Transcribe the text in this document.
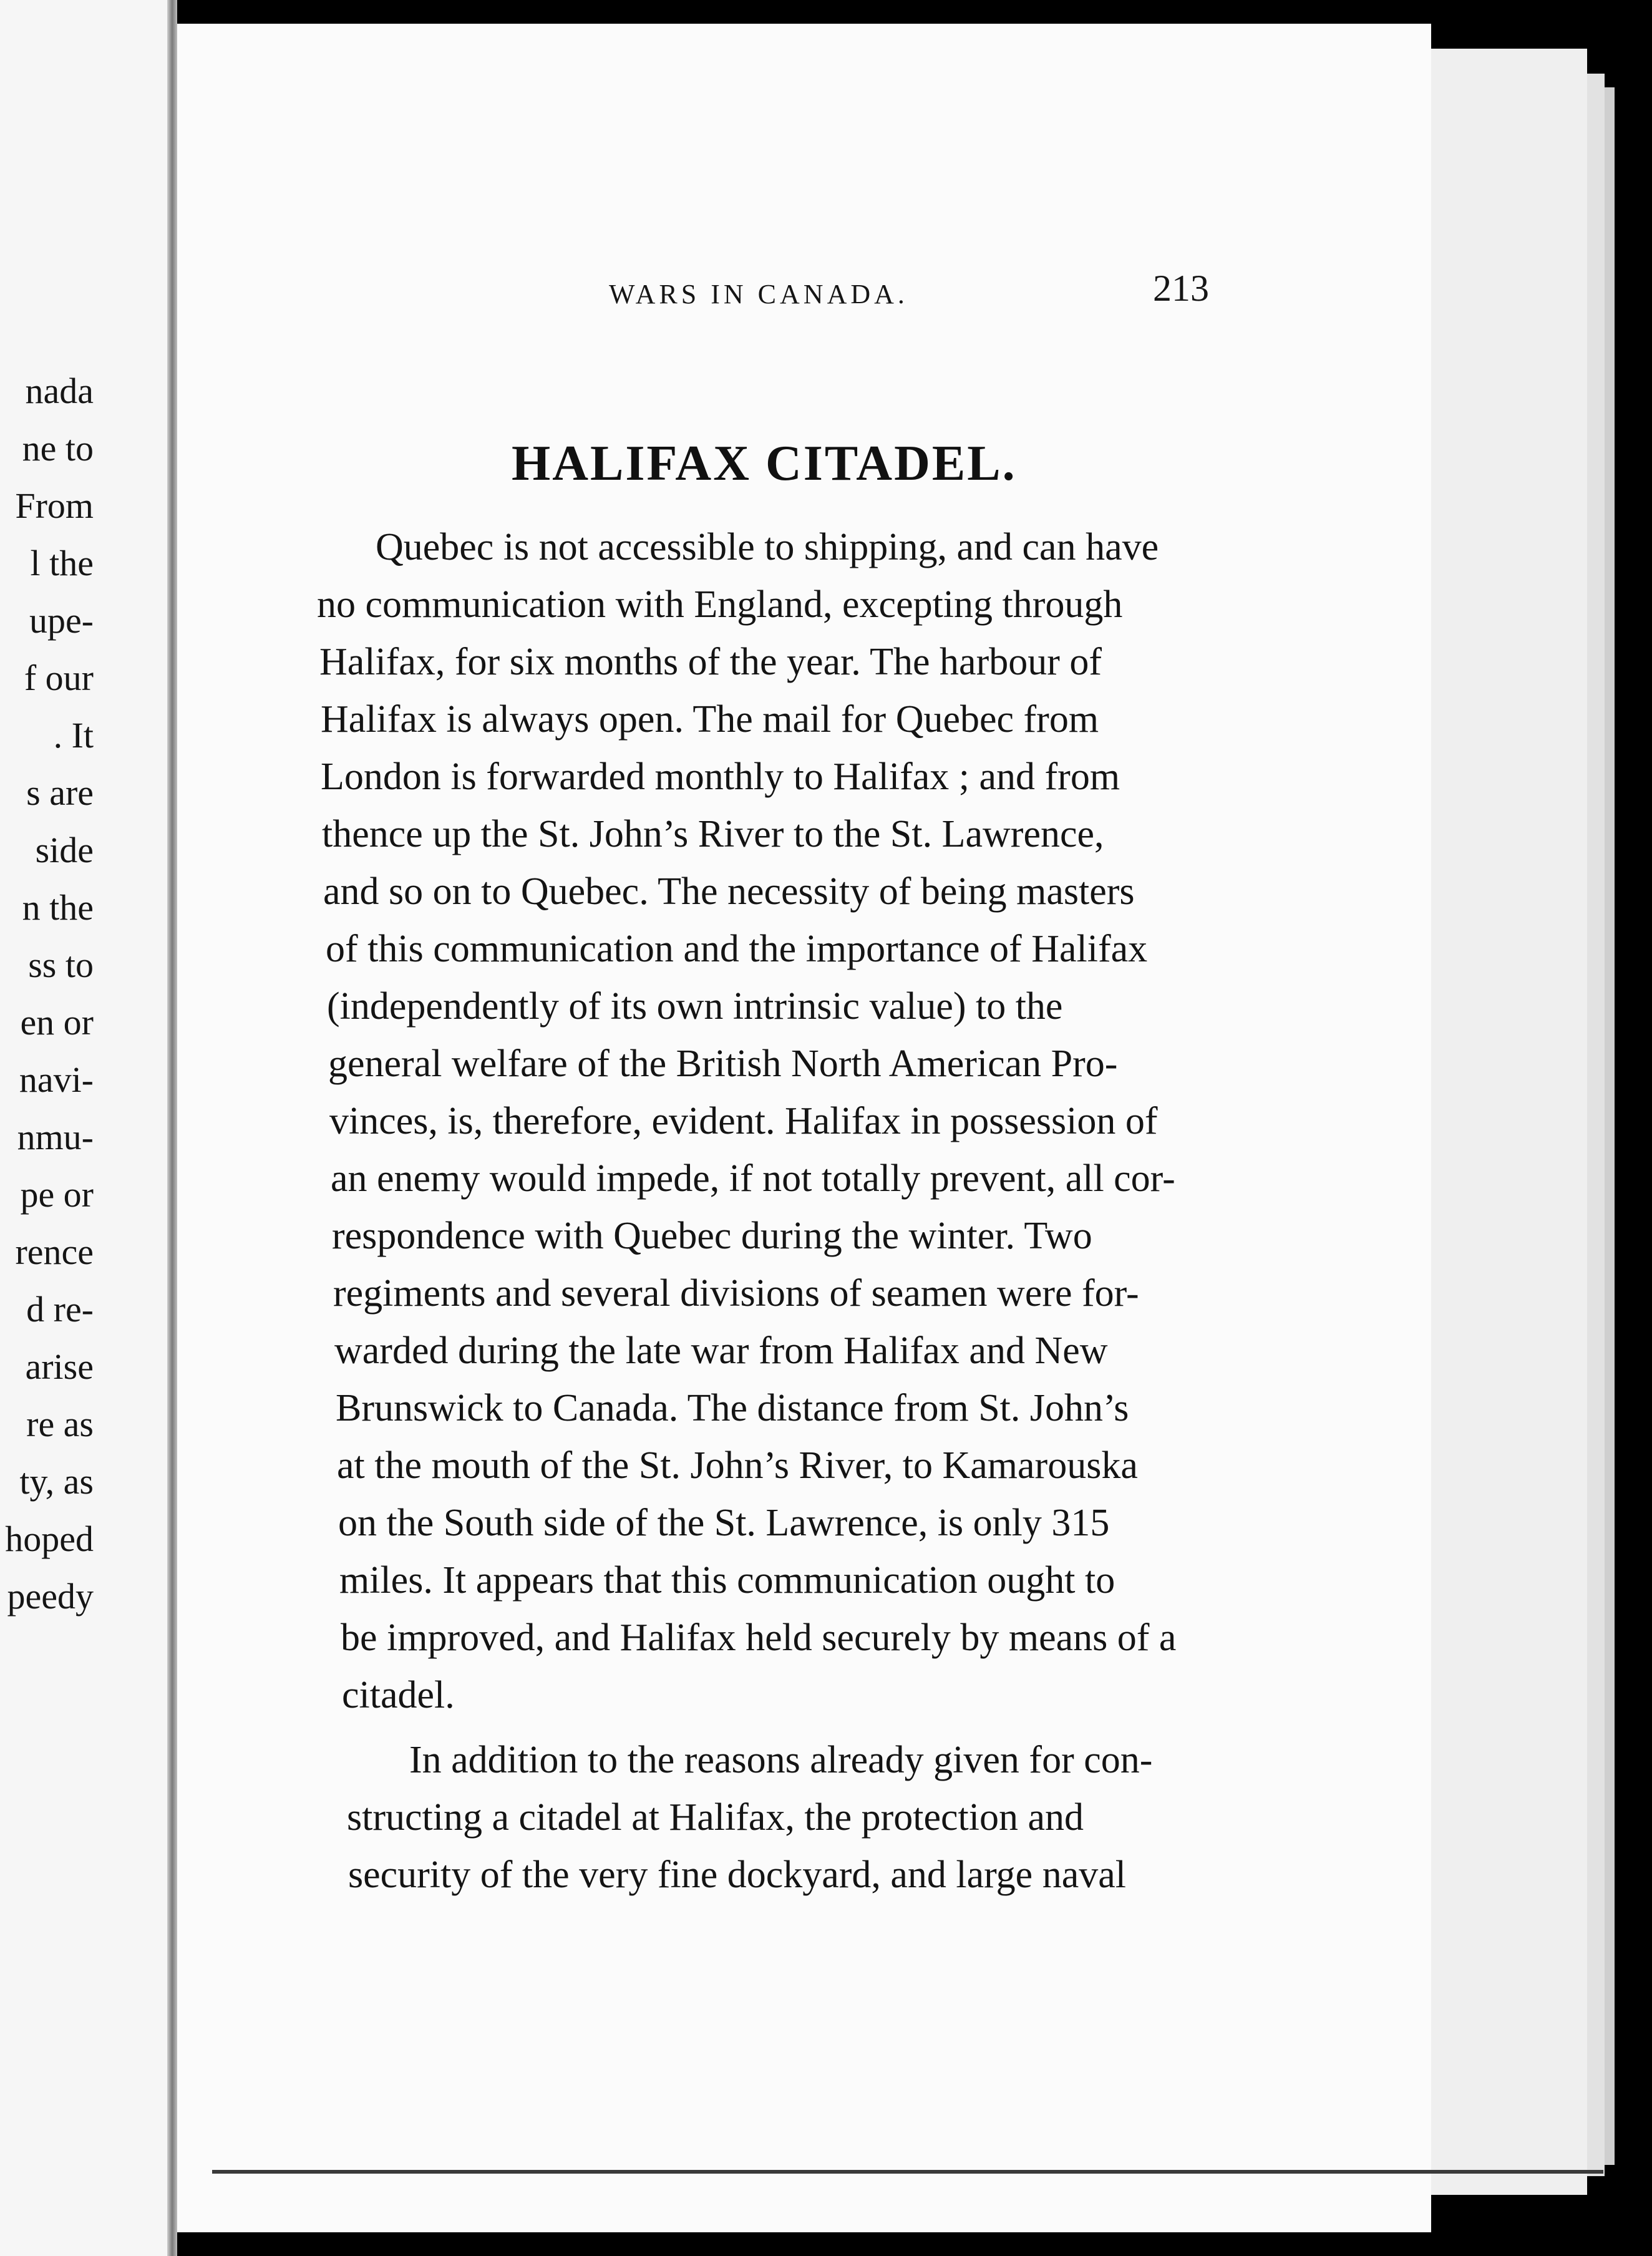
nada
ne to
From
l the
upe-
f our
. It
s are
side
n the
ss to
en or
navi-
nmu-
pe or
rence
d re-
arise
re as
ty, as
hoped
peedy
WARS IN CANADA.	213
HALIFAX CITADEL.
Quebec is not accessible to shipping, and can have
no communication with England, excepting through
Halifax, for six months of the year. The harbour of
Halifax is always open. The mail for Quebec from
London is forwarded monthly to Halifax ; and from
thence up the St. John’s River to the St. Lawrence,
and so on to Quebec. The necessity of being masters
of this communication and the importance of Halifax
(independently of its own intrinsic value) to the
general welfare of the British North American Pro-
vinces, is, therefore, evident. Halifax in possession of
an enemy would impede, if not totally prevent, all cor-
respondence with Quebec during the winter. Two
regiments and several divisions of seamen were for-
warded during the late war from Halifax and New
Brunswick to Canada. The distance from St. John’s
at the mouth of the St. John’s River, to Kamarouska
on the South side of the St. Lawrence, is only 315
miles. It appears that this communication ought to
be improved, and Halifax held securely by means of a
citadel.
In addition to the reasons already given for con-
structing a citadel at Halifax, the protection and
security of the very fine dockyard, and large naval
